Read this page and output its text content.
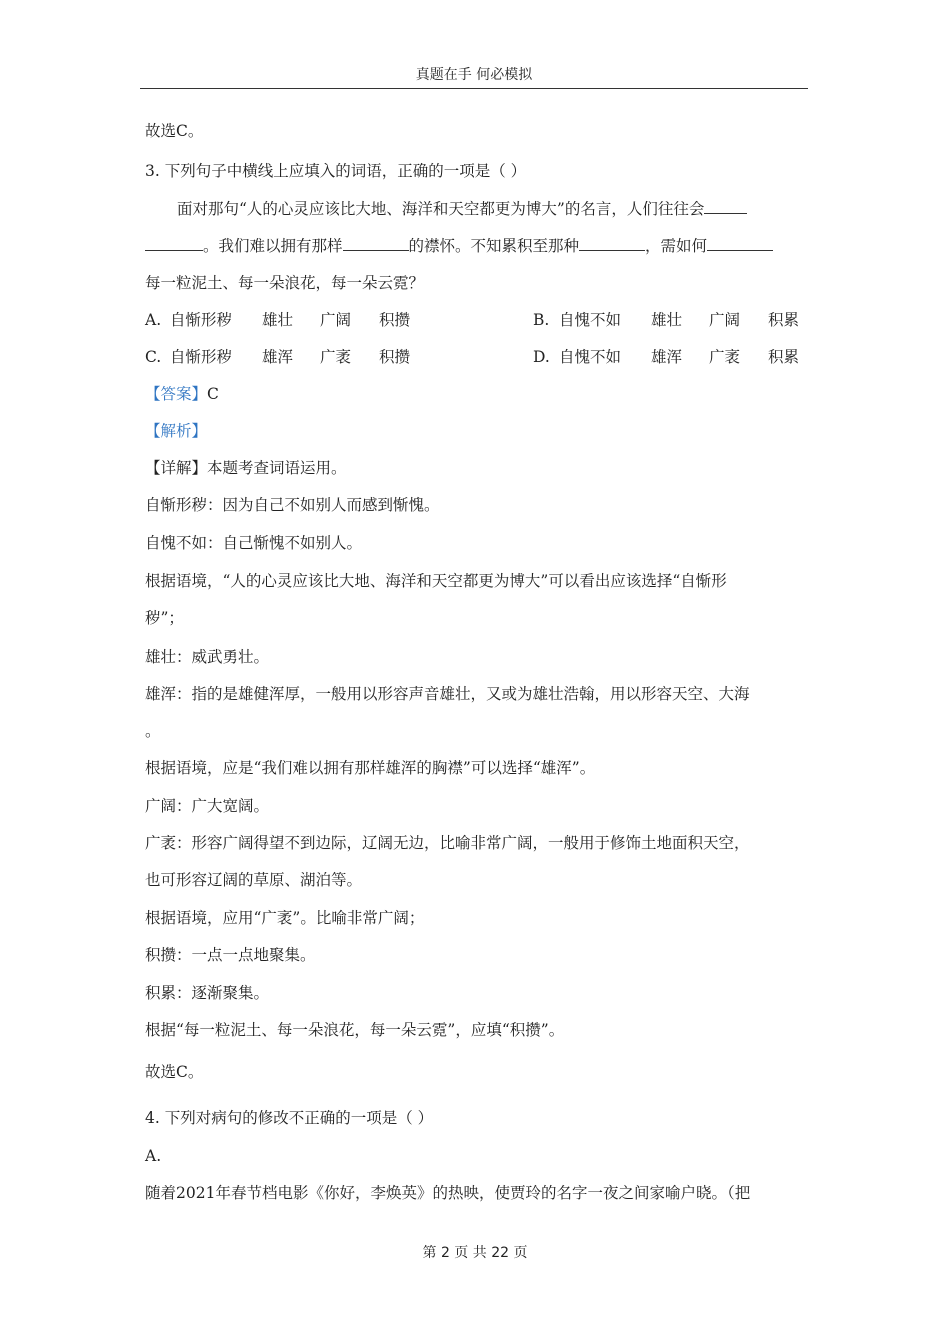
真题在手 何必模拟
故选C。
3. 下列句子中横线上应填入的词语，正确的一项是（ ）
面对那句“人的心灵应该比大地、海洋和天空都更为博大”的名言，人们往往会
。我们难以拥有那样	的襟怀。不知累积至那种	，需如何
每一粒泥土、每一朵浪花，每一朵云霓？
A. 自惭形秽 雄壮 广阔 积攒	B. 自愧不如 雄壮 广阔 积累
C. 自惭形秽 雄浑 广袤 积攒	D. 自愧不如 雄浑 广袤 积累
【答案】C
【解析】
【详解】本题考查词语运用。
自惭形秽：因为自己不如别人而感到惭愧。
自愧不如：自己惭愧不如别人。
根据语境，“人的心灵应该比大地、海洋和天空都更为博大”可以看出应该选择“自惭形
秽”；
雄壮：威武勇壮。
雄浑：指的是雄健浑厚，一般用以形容声音雄壮，又或为雄壮浩翰，用以形容天空、大海
。
根据语境，应是“我们难以拥有那样雄浑的胸襟”可以选择“雄浑”。
广阔：广大宽阔。
广袤：形容广阔得望不到边际，辽阔无边，比喻非常广阔，一般用于修饰土地面积天空，
也可形容辽阔的草原、湖泊等。
根据语境，应用“广袤”。比喻非常广阔；
积攒：一点一点地聚集。
积累：逐渐聚集。
根据“每一粒泥土、每一朵浪花，每一朵云霓”，应填“积攒”。
故选C。
4. 下列对病句的修改不正确的一项是（ ）
A.
随着2021年春节档电影《你好，李焕英》的热映，使贾玲的名字一夜之间家喻户晓。（把
第 2 页 共 22 页
